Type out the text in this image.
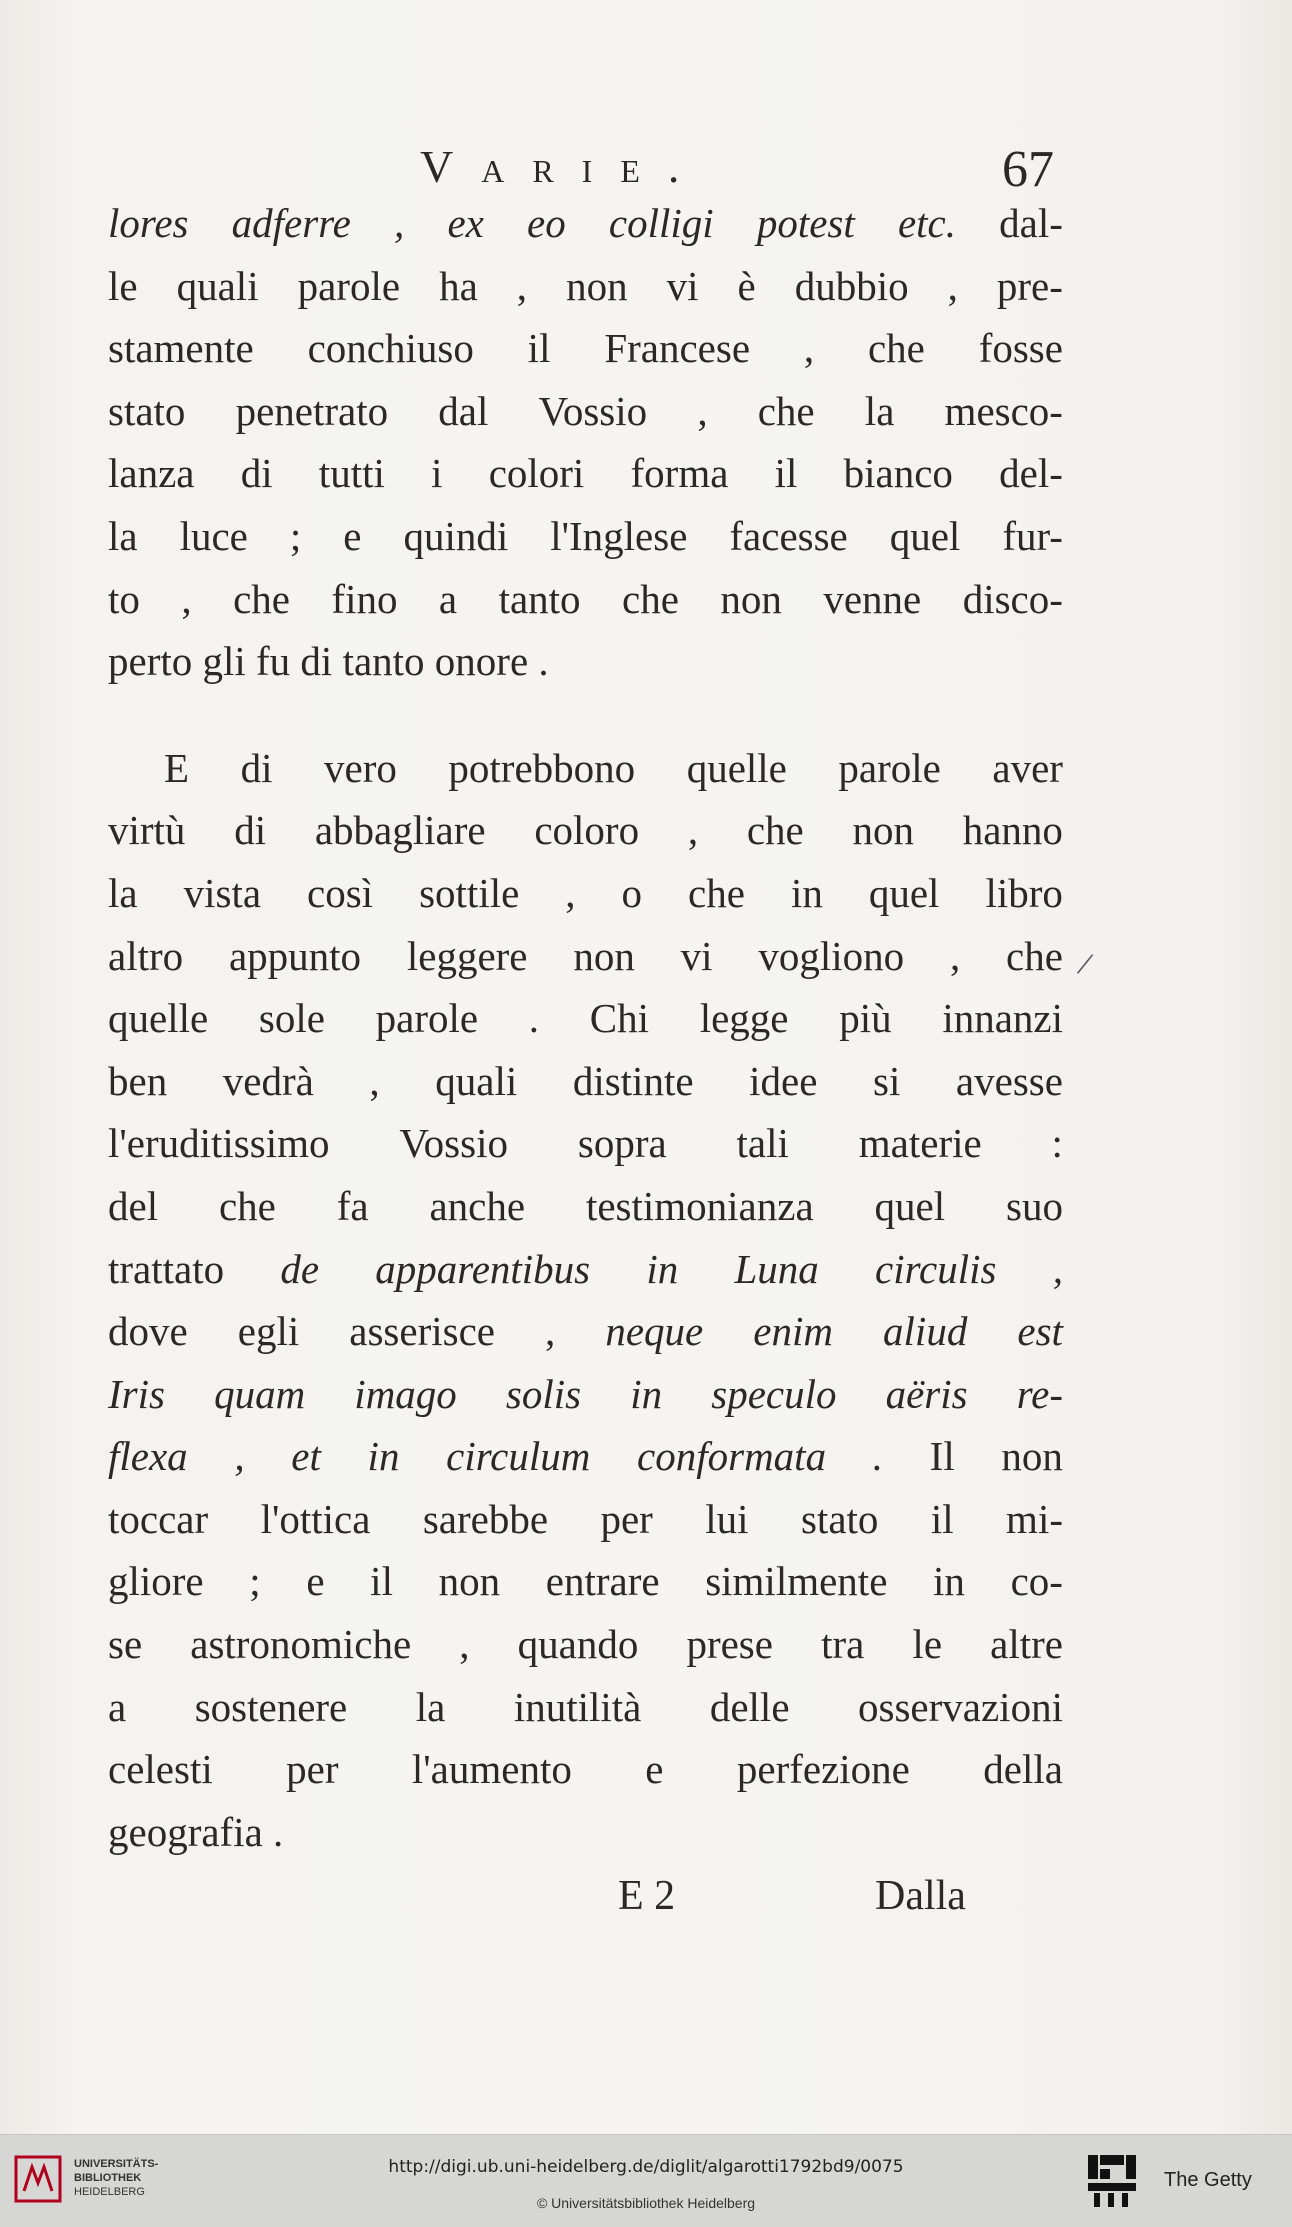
Varie.	67
lores adferre , ex eo colligi potest etc. dal-
le quali parole ha , non vi è dubbio , pre-
stamente conchiuso il Francese , che fosse
stato penetrato dal Vossio , che la mesco-
lanza di tutti i colori forma il bianco del-
la luce ; e quindi l'Inglese facesse quel fur-
to , che fino a tanto che non venne disco-
perto gli fu di tanto onore .
E di vero potrebbono quelle parole aver
virtù di abbagliare coloro , che non hanno
la vista così sottile , o che in quel libro
altro appunto leggere non vi vogliono , che
quelle sole parole . Chi legge più innanzi
ben vedrà , quali distinte idee si avesse
l'eruditissimo Vossio sopra tali materie :
del che fa anche testimonianza quel suo
trattato de apparentibus in Luna circulis ,
dove egli asserisce , neque enim aliud est
Iris quam imago solis in speculo aëris re-
flexa , et in circulum conformata . Il non
toccar l'ottica sarebbe per lui stato il mi-
gliore ; e il non entrare similmente in co-
se astronomiche , quando prese tra le altre
a sostenere la inutilità delle osservazioni
celesti per l'aumento e perfezione della
geografia .
/
E 2	Dalla
UNIVERSITÄTS-
BIBLIOTHEK
HEIDELBERG
http://digi.ub.uni-heidelberg.de/diglit/algarotti1792bd9/0075
© Universitätsbibliothek Heidelberg
The Getty
